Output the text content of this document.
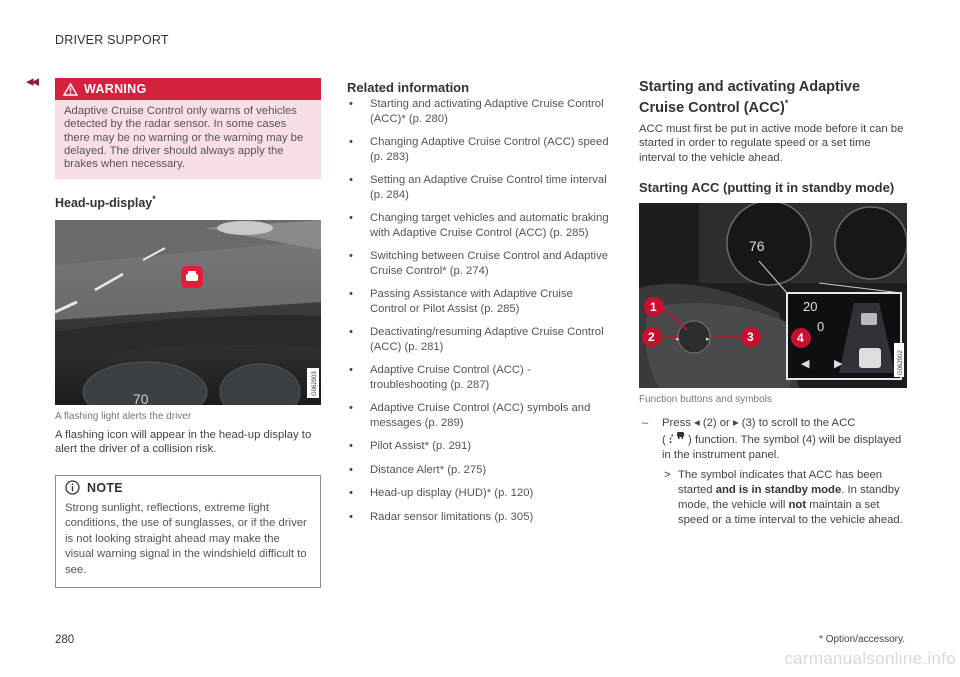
DRIVER SUPPORT
◂◂	WARNING
Adaptive Cruise Control only warns of vehicles detected by the radar sensor. In some cases there may be no warning or the warning may be delayed. The driver should always apply the brakes when necessary.
Head-up-display*
70
G062903
A flashing light alerts the driver
A flashing icon will appear in the head-up display to alert the driver of a collision risk.
NOTE
Strong sunlight, reflections, extreme light conditions, the use of sunglasses, or if the driver is not looking straight ahead may make the visual warning signal in the windshield difficult to see.
Related information
• Starting and activating Adaptive Cruise Control (ACC)* (p. 280)
• Changing Adaptive Cruise Control (ACC) speed (p. 283)
• Setting an Adaptive Cruise Control time interval (p. 284)
• Changing target vehicles and automatic braking with Adaptive Cruise Control (ACC) (p. 285)
• Switching between Cruise Control and Adaptive Cruise Control* (p. 274)
• Passing Assistance with Adaptive Cruise Control or Pilot Assist (p. 285)
• Deactivating/resuming Adaptive Cruise Control (ACC) (p. 281)
• Adaptive Cruise Control (ACC) - troubleshooting (p. 287)
• Adaptive Cruise Control (ACC) symbols and messages (p. 289)
• Pilot Assist* (p. 291)
• Distance Alert* (p. 275)
• Head-up display (HUD)* (p. 120)
• Radar sensor limitations (p. 305)
Starting and activating Adaptive Cruise Control (ACC)*
ACC must first be put in active mode before it can be started in order to regulate speed or a set time interval to the vehicle ahead.
Starting ACC (putting it in standby mode)
76
◂	▸
1
2	3
20
0
4
◀ ▶	G062902
Function buttons and symbols
– Press ◂ (2) or ▸ (3) to scroll to the ACC
( ) function. The symbol (4) will be displayed in the instrument panel.
> The symbol indicates that ACC has been started and is in standby mode. In standby mode, the vehicle will not maintain a set speed or a time interval to the vehicle ahead.
280	* Option/accessory.
carmanualsonline.info
